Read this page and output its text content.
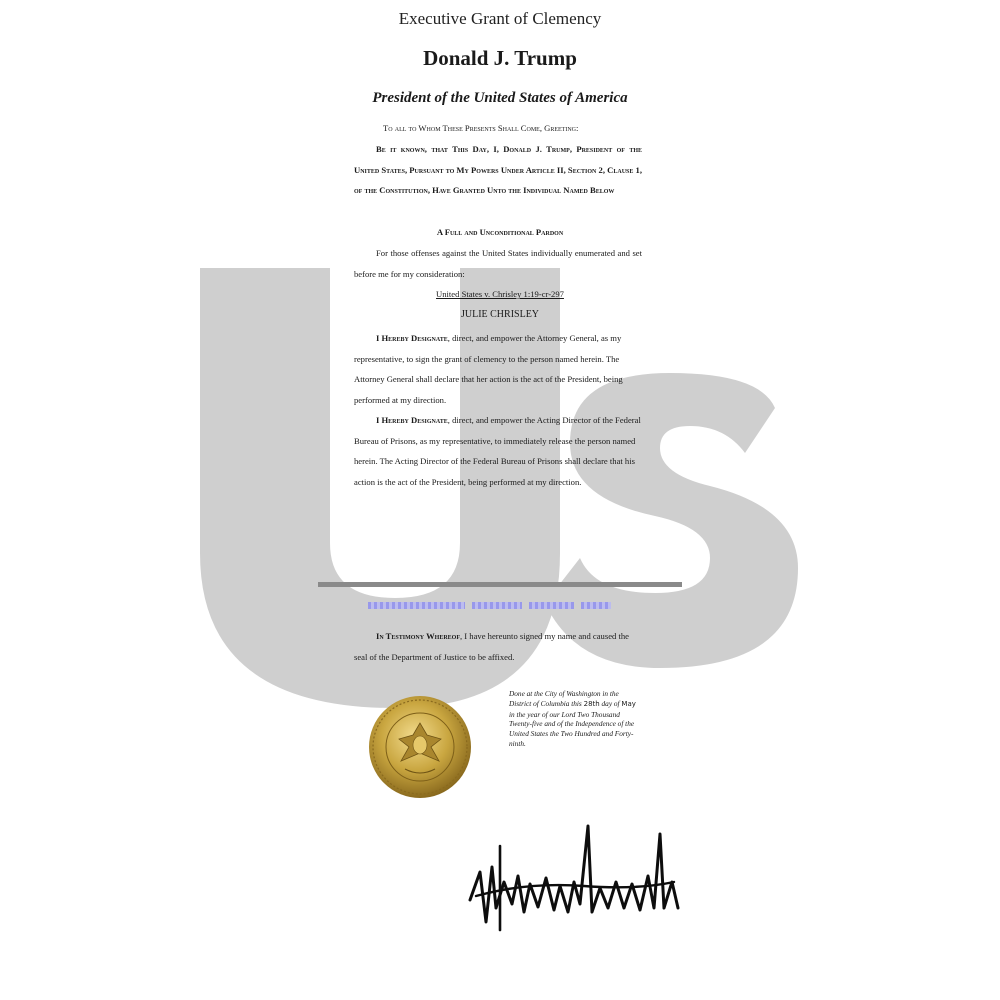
Executive Grant of Clemency
Donald J. Trump
President of the United States of America
To all to Whom These Presents Shall Come, Greeting:
Be it known, that This Day, I, Donald J. Trump, President of the United States, Pursuant to My Powers Under Article II, Section 2, Clause 1, of the Constitution, Have Granted Unto the Individual Named Below
A Full and Unconditional Pardon
For those offenses against the United States individually enumerated and set before me for my consideration:
United States v. Chrisley 1:19-cr-297
JULIE CHRISLEY
I Hereby Designate, direct, and empower the Attorney General, as my representative, to sign the grant of clemency to the person named herein. The Attorney General shall declare that her action is the act of the President, being performed at my direction.
I Hereby Designate, direct, and empower the Acting Director of the Federal Bureau of Prisons, as my representative, to immediately release the person named herein. The Acting Director of the Federal Bureau of Prisons shall declare that his action is the act of the President, being performed at my direction.
In Testimony Whereof, I have hereunto signed my name and caused the seal of the Department of Justice to be affixed.
Done at the City of Washington in the District of Columbia this 28th day of May in the year of our Lord Two Thousand Twenty-five and of the Independence of the United States the Two Hundred and Forty-ninth.
